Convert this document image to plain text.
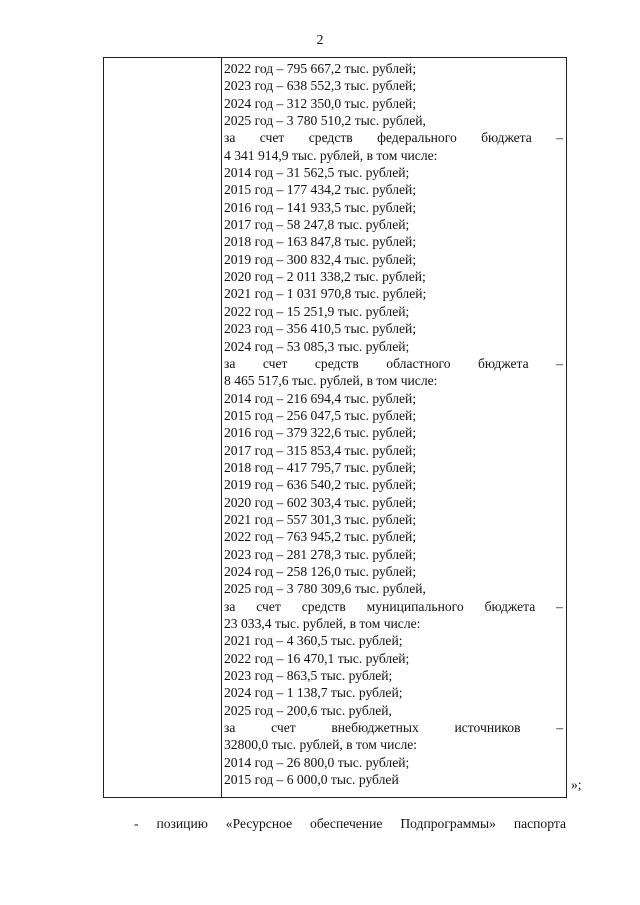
2
2022 год – 795 667,2 тыс. рублей;
2023 год – 638 552,3 тыс. рублей;
2024 год – 312 350,0 тыс. рублей;
2025 год – 3 780 510,2 тыс. рублей,
за счет средств федерального бюджета –
4 341 914,9 тыс. рублей, в том числе:
2014 год – 31 562,5 тыс. рублей;
2015 год – 177 434,2 тыс. рублей;
2016 год – 141 933,5 тыс. рублей;
2017 год – 58 247,8 тыс. рублей;
2018 год – 163 847,8 тыс. рублей;
2019 год – 300 832,4 тыс. рублей;
2020 год – 2 011 338,2 тыс. рублей;
2021 год – 1 031 970,8 тыс. рублей;
2022 год – 15 251,9 тыс. рублей;
2023 год – 356 410,5 тыс. рублей;
2024 год – 53 085,3 тыс. рублей;
за счет средств областного бюджета –
8 465 517,6 тыс. рублей, в том числе:
2014 год – 216 694,4 тыс. рублей;
2015 год – 256 047,5 тыс. рублей;
2016 год – 379 322,6 тыс. рублей;
2017 год – 315 853,4 тыс. рублей;
2018 год – 417 795,7 тыс. рублей;
2019 год – 636 540,2 тыс. рублей;
2020 год – 602 303,4 тыс. рублей;
2021 год – 557 301,3 тыс. рублей;
2022 год – 763 945,2 тыс. рублей;
2023 год – 281 278,3 тыс. рублей;
2024 год – 258 126,0 тыс. рублей;
2025 год – 3 780 309,6 тыс. рублей,
за счет средств муниципального бюджета –
23 033,4 тыс. рублей, в том числе:
2021 год – 4 360,5 тыс. рублей;
2022 год – 16 470,1 тыс. рублей;
2023 год – 863,5 тыс. рублей;
2024 год – 1 138,7 тыс. рублей;
2025 год – 200,6 тыс. рублей,
за	счет	внебюджетных	источников	–
32800,0 тыс. рублей, в том числе:
2014 год – 26 800,0 тыс. рублей;
2015 год – 6 000,0 тыс. рублей	»;
- позицию «Ресурсное обеспечение Подпрограммы» паспорта
